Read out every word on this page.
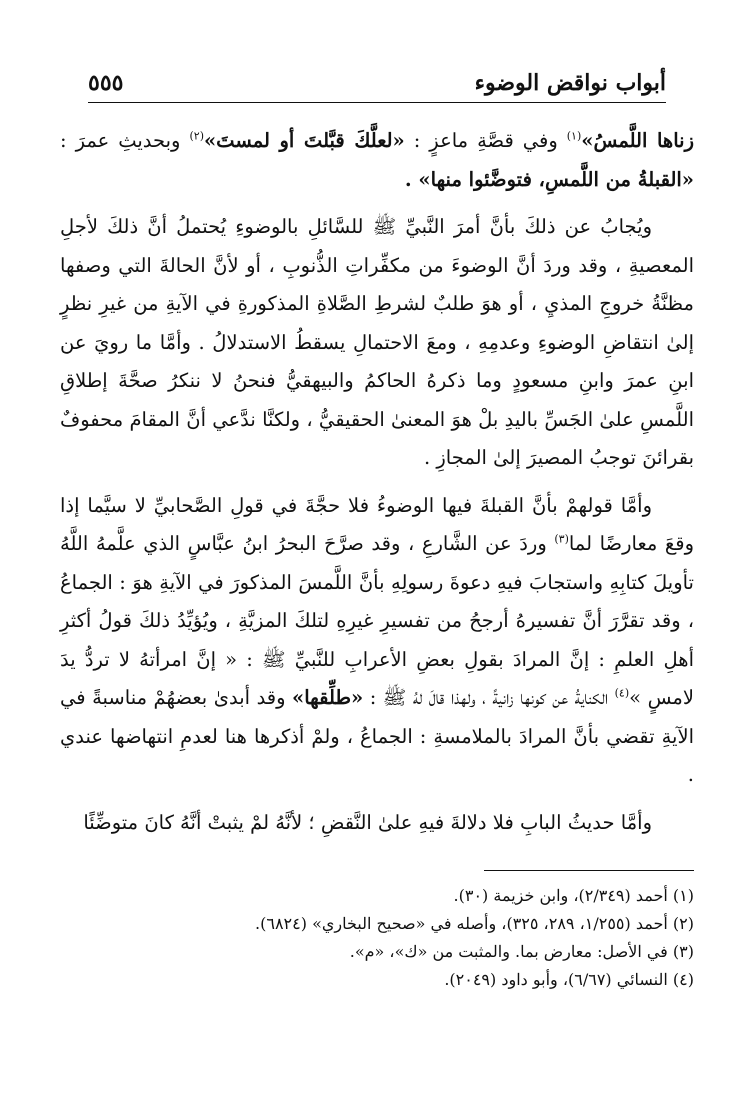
أبواب نواقض الوضوء
٥٥٥

زناها اللَّمسُ»$^{(١)}$ وفي قصَّةِ ماعزٍ : «لعلَّكَ قبَّلتَ أو لمستَ»$^{(٢)}$ وبحديثِ عمرَ : «القبلةُ من اللَّمسِ، فتوضَّئوا منها» .

ويُجابُ عن ذلكَ بأنَّ أمرَ النَّبيِّ ﷺ للسَّائلِ بالوضوءِ يُحتملُ أنَّ ذلكَ لأجلِ المعصيةِ ، وقد وردَ أنَّ الوضوءَ من مكفِّراتِ الذُّنوبِ ، أو لأنَّ الحالةَ التي وصفها مظنَّةُ خروجِ المذيِ ، أو هوَ طلبٌ لشرطِ الصَّلاةِ المذكورةِ في الآيةِ من غيرِ نظرٍ إلىٰ انتقاضِ الوضوءِ وعدمِهِ ، ومعَ الاحتمالِ يسقطُ الاستدلالُ . وأمَّا ما رويَ عن ابنِ عمرَ وابنِ مسعودٍ وما ذكرهُ الحاكمُ والبيهقيُّ فنحنُ لا ننكرُ صحَّةَ إطلاقِ اللَّمسِ علىٰ الجَسِّ باليدِ بلْ هوَ المعنىٰ الحقيقيُّ ، ولكنَّا ندَّعي أنَّ المقامَ محفوفٌ بقرائنَ توجبُ المصيرَ إلىٰ المجازِ .

وأمَّا قولهمْ بأنَّ القبلةَ فيها الوضوءُ فلا حجَّةَ في قولِ الصَّحابيِّ لا سيَّما إذا وقعَ معارضًا لما$^{(٣)}$ وردَ عن الشَّارعِ ، وقد صرَّحَ البحرُ ابنُ عبَّاسٍ الذي علَّمهُ اللَّهُ تأويلَ كتابِهِ واستجابَ فيهِ دعوةَ رسولِهِ بأنَّ اللَّمسَ المذكورَ في الآيةِ هوَ : الجماعُ ، وقد تقرَّرَ أنَّ تفسيرهُ أرجحُ من تفسيرِ غيرِهِ لتلكَ المزيَّةِ ، ويُؤيِّدُ ذلكَ قولُ أكثرِ أهلِ العلمِ : إنَّ المرادَ بقولِ بعضِ الأعرابِ للنَّبيِّ ﷺ : « إنَّ امرأتهُ لا تردُّ يدَ لامسٍ »$^{(٤)}$ الكنايةُ عن كونها زانيةً ، ولهذا قالَ لهُ ﷺ : «طلِّقها» وقد أبدىٰ بعضهُمْ مناسبةً في الآيةِ تقضي بأنَّ المرادَ بالملامسةِ : الجماعُ ، ولمْ أذكرها هنا لعدمِ انتهاضها عندي .

وأمَّا حديثُ البابِ فلا دلالةَ فيهِ علىٰ النَّقضِ ؛ لأنَّهُ لمْ يثبتْ أنَّهُ كانَ متوضِّئًا

(١) أحمد (٢/٣٤٩)، وابن خزيمة (٣٠).
(٢) أحمد (١/٢٥٥، ٢٨٩، ٣٢٥)، وأصله في «صحيح البخاري» (٦٨٢٤).
(٣) في الأصل: معارض بما. والمثبت من «ك»، «م».
(٤) النسائي (٦/٦٧)، وأبو داود (٢٠٤٩).
